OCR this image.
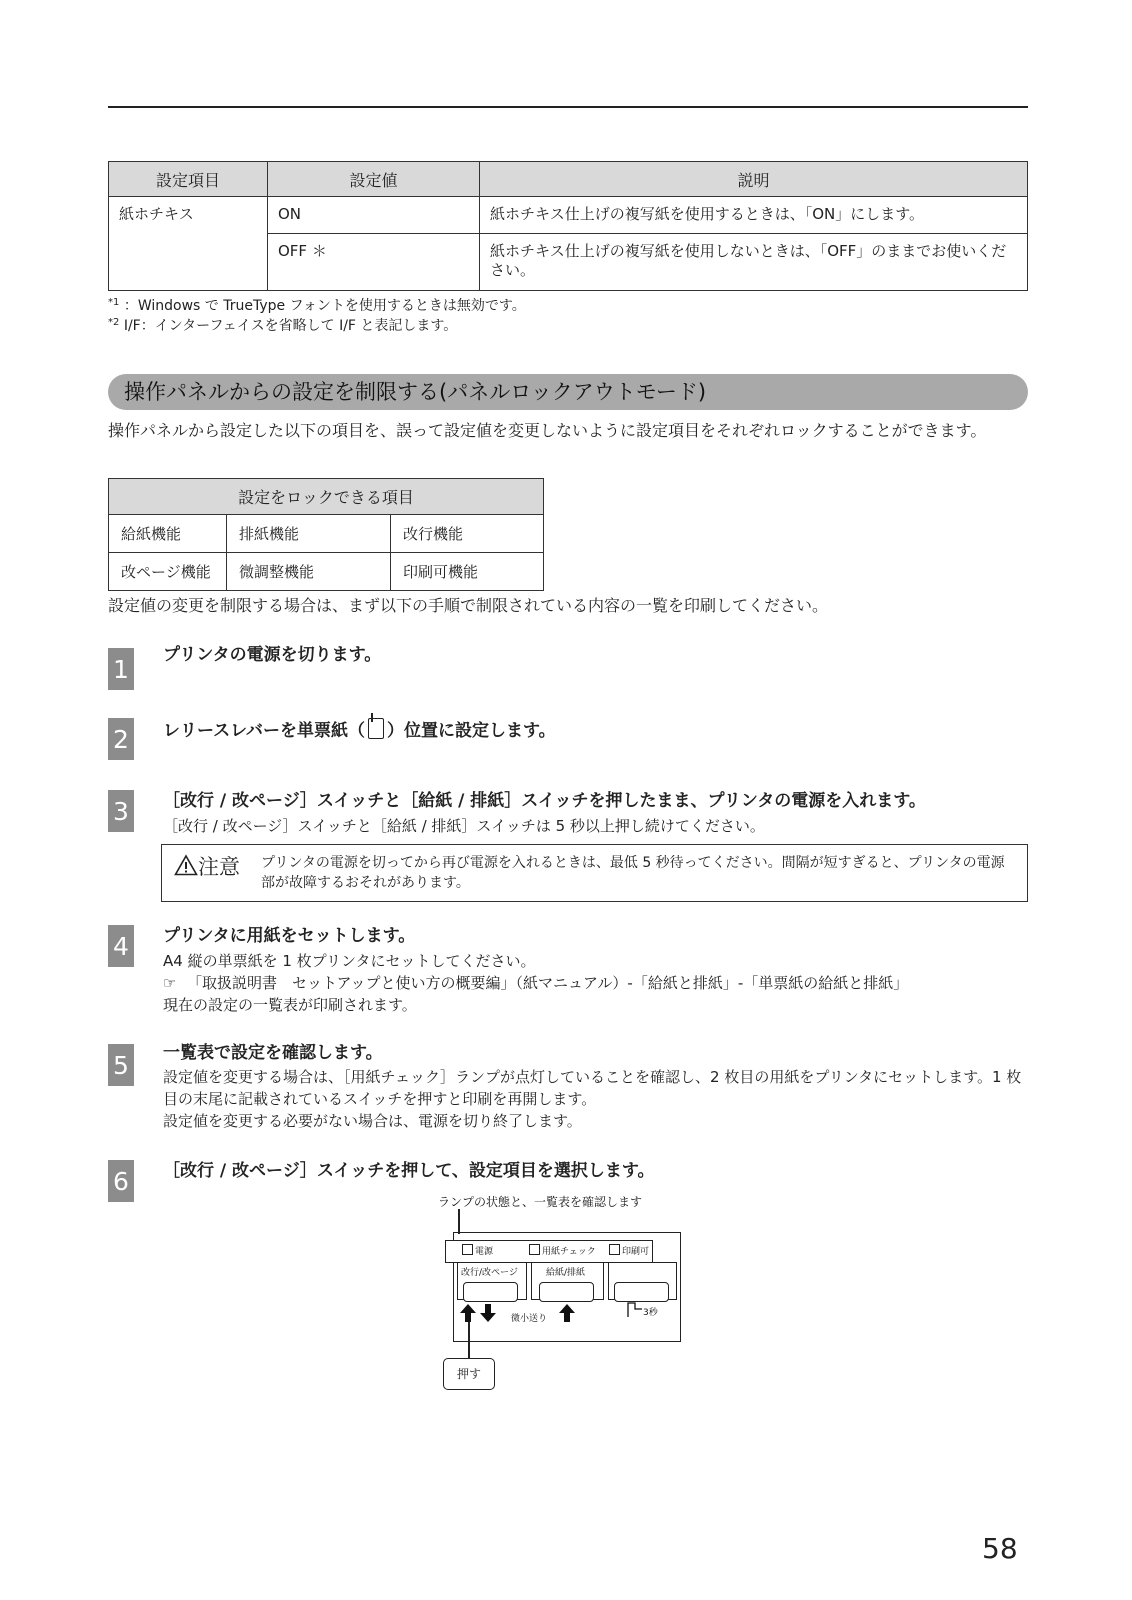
設定項目	設定値	説明
紙ホチキス	ON	紙ホチキス仕上げの複写紙を使用するときは、「ON」にします。
	OFF ＊	紙ホチキス仕上げの複写紙を使用しないときは、「OFF」のままでお使いください。
$^{*1}$ ：Windows で TrueType フォントを使用するときは無効です。
$^{*2}$ I/F：インターフェイスを省略して I/F と表記します。
操作パネルからの設定を制限する(パネルロックアウトモード)
操作パネルから設定した以下の項目を、誤って設定値を変更しないように設定項目をそれぞれロックすることができます。
設定をロックできる項目		
給紙機能	排紙機能	改行機能
改ページ機能	微調整機能	印刷可機能
設定値の変更を制限する場合は、まず以下の手順で制限されている内容の一覧を印刷してください。
1 プリンタの電源を切ります。
2 レリースレバーを単票紙（ ）位置に設定します。
3 ［改行 / 改ページ］スイッチと［給紙 / 排紙］スイッチを押したまま、プリンタの電源を入れます。
［改行 / 改ページ］スイッチと［給紙 / 排紙］スイッチは 5 秒以上押し続けてください。
注意 プリンタの電源を切ってから再び電源を入れるときは、最低 5 秒待ってください。間隔が短すぎると、プリンタの電源部が故障するおそれがあります。
4 プリンタに用紙をセットします。
A4 縦の単票紙を 1 枚プリンタにセットしてください。
☞ 「取扱説明書　セットアップと使い方の概要編」（紙マニュアル）-「給紙と排紙」-「単票紙の給紙と排紙」
現在の設定の一覧表が印刷されます。
5 一覧表で設定を確認します。
設定値を変更する場合は、［用紙チェック］ランプが点灯していることを確認し、2 枚目の用紙をプリンタにセットします。1 枚目の末尾に記載されているスイッチを押すと印刷を再開します。
設定値を変更する必要がない場合は、電源を切り終了します。
6 ［改行 / 改ページ］スイッチを押して、設定項目を選択します。
ランプの状態と、一覧表を確認します
電源	用紙チェック	印刷可
改行/改ページ	給紙/排紙
微小送り
3秒
押す
58
